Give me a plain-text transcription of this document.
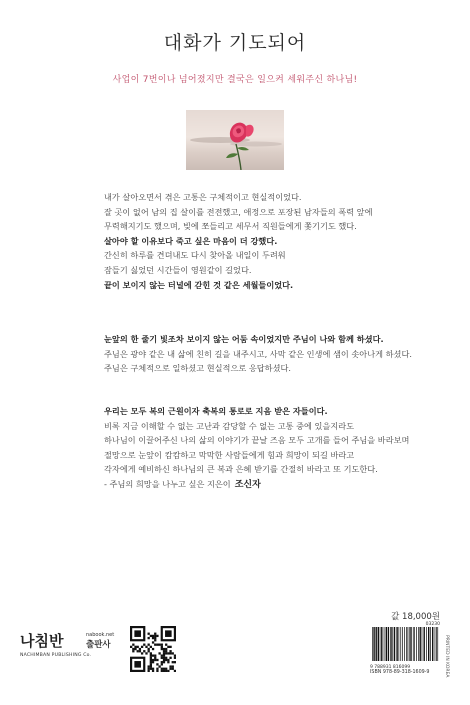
대화가 기도되어
사업이 7번이나 넘어졌지만 결국은 일으켜 세워주신 하나님!

내가 살아오면서 겪은 고통은 구체적이고 현실적이었다.

잘 곳이 없어 남의 집 살이를 전전했고, 애정으로 포장된 남자들의 폭력 앞에

무력해지기도 했으며, 빚에 쪼들리고 세무서 직원들에게 쫓기기도 했다.

살아야 할 이유보다 죽고 싶은 마음이 더 강했다.

간신히 하루를 견뎌내도 다시 찾아올 내일이 두려워

잠들기 싫었던 시간들이 영원같이 길었다.

끝이 보이지 않는 터널에 갇힌 것 같은 세월들이었다.

눈앞의 한 줄기 빛조차 보이지 않는 어둠 속이었지만 주님이 나와 함께 하셨다.

주님은 광야 같은 내 삶에 친히 길을 내주시고, 사막 같은 인생에 샘이 솟아나게 하셨다.

주님은 구체적으로 일하셨고 현실적으로 응답하셨다.

우리는 모두 복의 근원이자 축복의 통로로 지음 받은 자들이다.

비록 지금 이해할 수 없는 고난과 감당할 수 없는 고통 중에 있을지라도

하나님이 이끌어주신 나의 삶의 이야기가 끝날 즈음 모두 고개를 들어 주님을 바라보며

절망으로 눈앞이 캄캄하고 막막한 사람들에게 힘과 희망이 되길 바라고

각자에게 예비하신 하나님의 큰 복과 은혜 받기를 간절히 바라고 또 기도한다.

- 주님의 희망을 나누고 싶은 지은이 조신자

값 18,000원
나침반	nabook.net
출판사
NACHIMBAN PUBLISHING Co.
03230
9 788931 816099
ISBN 978-89-318-1609-9	PRINTED IN KOREA
